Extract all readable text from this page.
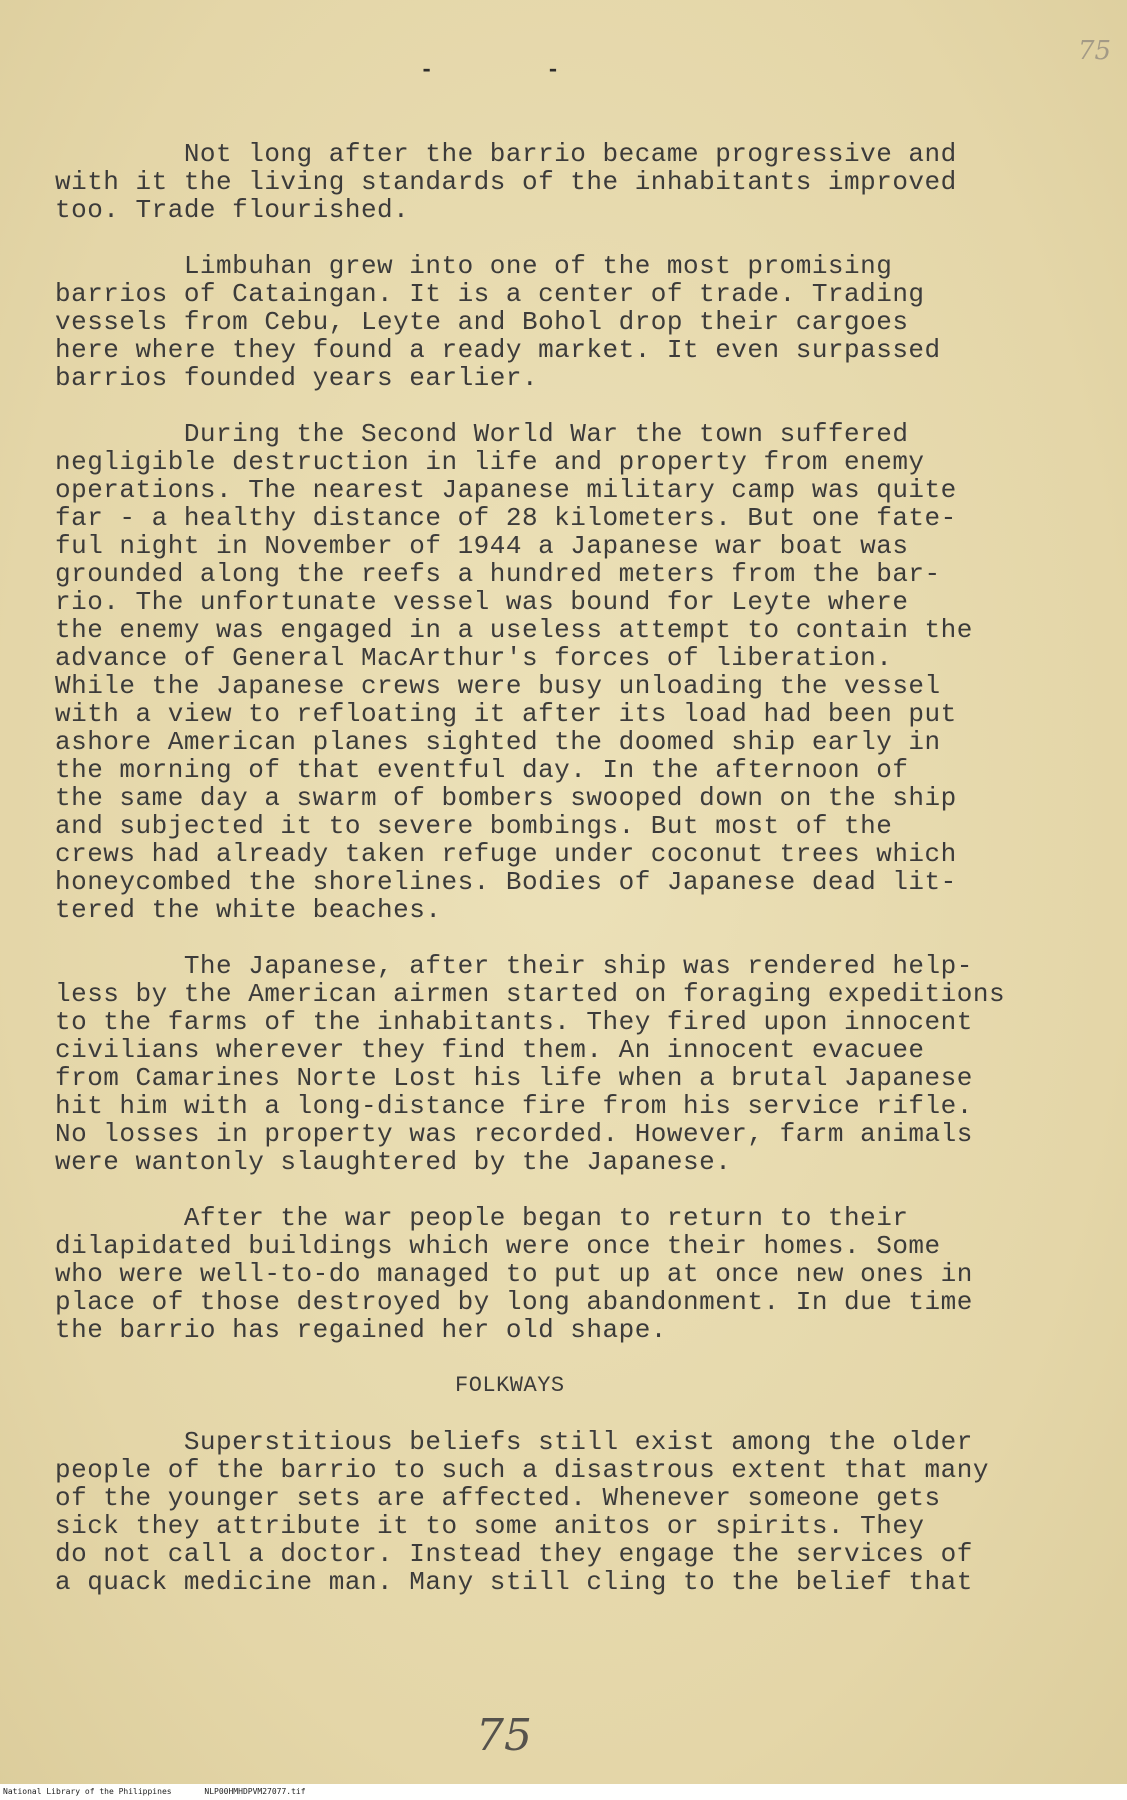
- -
75
Not long after the barrio became progressive and
with it the living standards of the inhabitants improved
too. Trade flourished.
Limbuhan grew into one of the most promising
barrios of Cataingan. It is a center of trade. Trading
vessels from Cebu, Leyte and Bohol drop their cargoes
here where they found a ready market. It even surpassed
barrios founded years earlier.
During the Second World War the town suffered
negligible destruction in life and property from enemy
operations. The nearest Japanese military camp was quite
far - a healthy distance of 28 kilometers. But one fate-
ful night in November of 1944 a Japanese war boat was
grounded along the reefs a hundred meters from the bar-
rio. The unfortunate vessel was bound for Leyte where
the enemy was engaged in a useless attempt to contain the
advance of General MacArthur's forces of liberation.
While the Japanese crews were busy unloading the vessel
with a view to refloating it after its load had been put
ashore American planes sighted the doomed ship early in
the morning of that eventful day. In the afternoon of
the same day a swarm of bombers swooped down on the ship
and subjected it to severe bombings. But most of the
crews had already taken refuge under coconut trees which
honeycombed the shorelines. Bodies of Japanese dead lit-
tered the white beaches.
The Japanese, after their ship was rendered help-
less by the American airmen started on foraging expeditions
to the farms of the inhabitants. They fired upon innocent
civilians wherever they find them. An innocent evacuee
from Camarines Norte Lost his life when a brutal Japanese
hit him with a long-distance fire from his service rifle.
No losses in property was recorded. However, farm animals
were wantonly slaughtered by the Japanese.
After the war people began to return to their
dilapidated buildings which were once their homes. Some
who were well-to-do managed to put up at once new ones in
place of those destroyed by long abandonment. In due time
the barrio has regained her old shape.
FOLKWAYS
Superstitious beliefs still exist among the older
people of the barrio to such a disastrous extent that many
of the younger sets are affected. Whenever someone gets
sick they attribute it to some anitos or spirits. They
do not call a doctor. Instead they engage the services of
a quack medicine man. Many still cling to the belief that
75
National Library of the Philippines	NLP00HMHDPVM27077.tif
